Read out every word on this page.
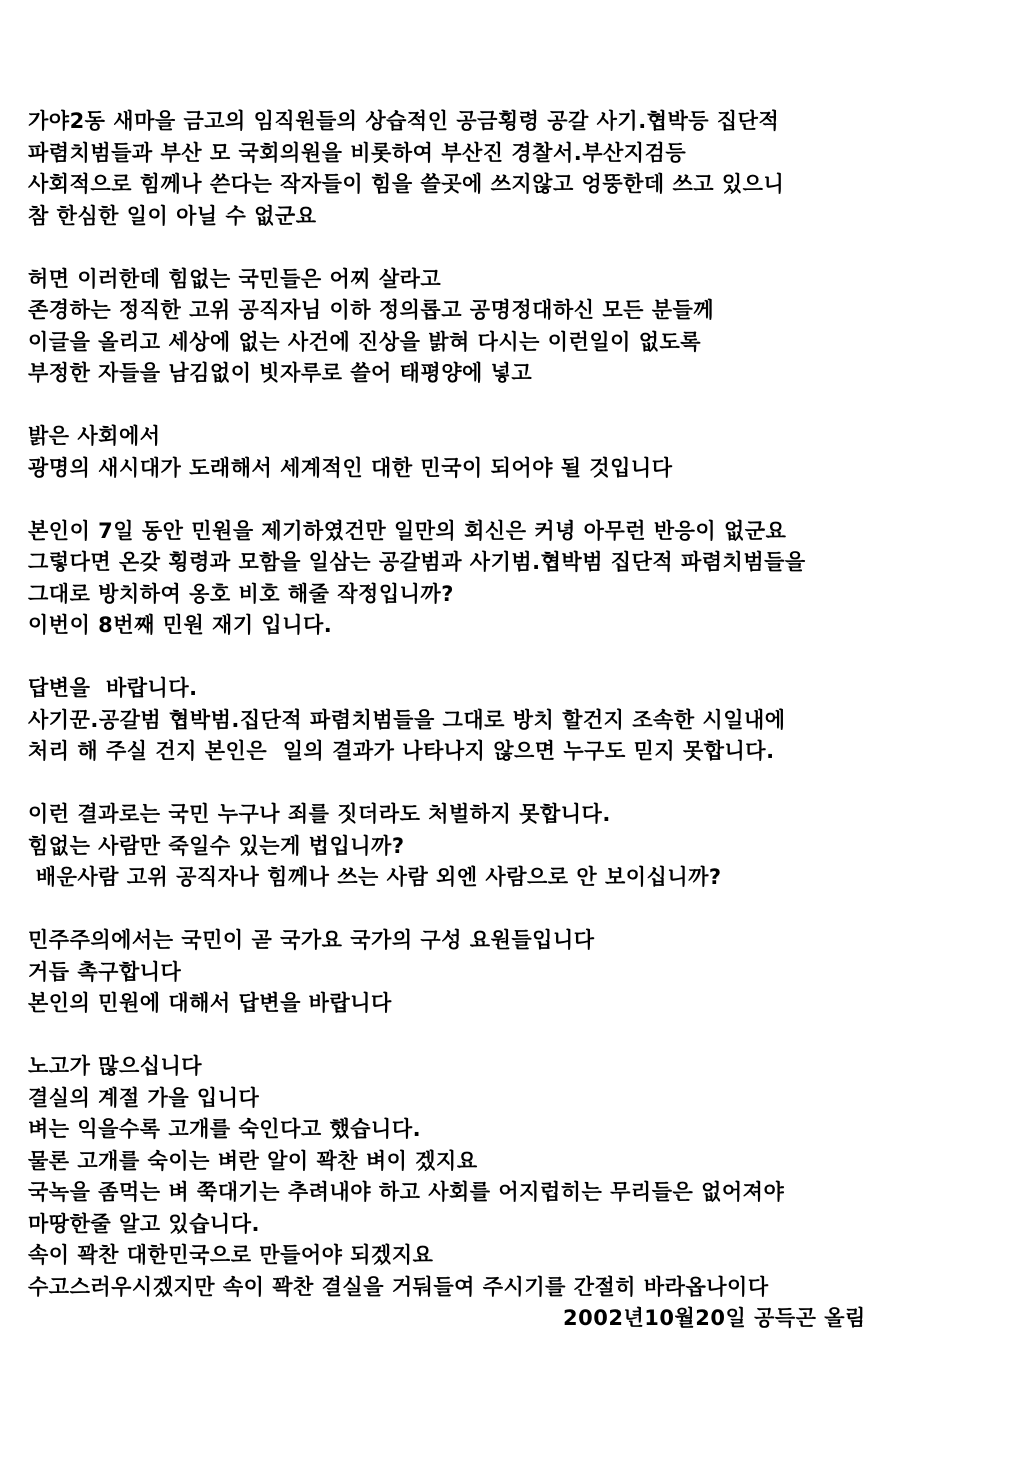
가야2동 새마을 금고의 임직원들의 상습적인 공금횡령 공갈 사기.협박등 집단적
파렴치범들과 부산 모 국회의원을 비롯하여 부산진 경찰서.부산지검등
사회적으로 힘께나 쓴다는 작자들이 힘을 쓸곳에 쓰지않고 엉뚱한데 쓰고 있으니
참 한심한 일이 아닐 수 없군요
허면 이러한데 힘없는 국민들은 어찌 살라고
존경하는 정직한 고위 공직자님 이하 정의롭고 공명정대하신 모든 분들께
이글을 올리고 세상에 없는 사건에 진상을 밝혀 다시는 이런일이 없도록
부정한 자들을 남김없이 빗자루로 쓸어 태평양에 넣고
밝은 사회에서
광명의 새시대가 도래해서 세계적인 대한 민국이 되어야 될 것입니다
본인이 7일 동안 민원을 제기하였건만 일만의 회신은 커녕 아무런 반응이 없군요
그렇다면 온갖 횡령과 모함을 일삼는 공갈범과 사기범.협박범 집단적 파렴치범들을
그대로 방치하여 옹호 비호 해줄 작정입니까?
이번이 8번째 민원 재기 입니다.
답변을  바랍니다.
사기꾼.공갈범 협박범.집단적 파렴치범들을 그대로 방치 할건지 조속한 시일내에
처리 해 주실 건지 본인은  일의 결과가 나타나지 않으면 누구도 믿지 못합니다.
이런 결과로는 국민 누구나 죄를 짓더라도 처벌하지 못합니다.
힘없는 사람만 죽일수 있는게 법입니까?
배운사람 고위 공직자나 힘께나 쓰는 사람 외엔 사람으로 안 보이십니까?
민주주의에서는 국민이 곧 국가요 국가의 구성 요원들입니다
거듭 촉구합니다
본인의 민원에 대해서 답변을 바랍니다
노고가 많으십니다
결실의 계절 가을 입니다
벼는 익을수록 고개를 숙인다고 했습니다.
물론 고개를 숙이는 벼란 알이 꽉찬 벼이 겠지요
국녹을 좀먹는 벼 쭉대기는 추려내야 하고 사회를 어지럽히는 무리들은 없어져야
마땅한줄 알고 있습니다.
속이 꽉찬 대한민국으로 만들어야 되겠지요
수고스러우시겠지만 속이 꽉찬 결실을 거둬들여 주시기를 간절히 바라옵나이다
2002년10월20일 공득곤 올림
